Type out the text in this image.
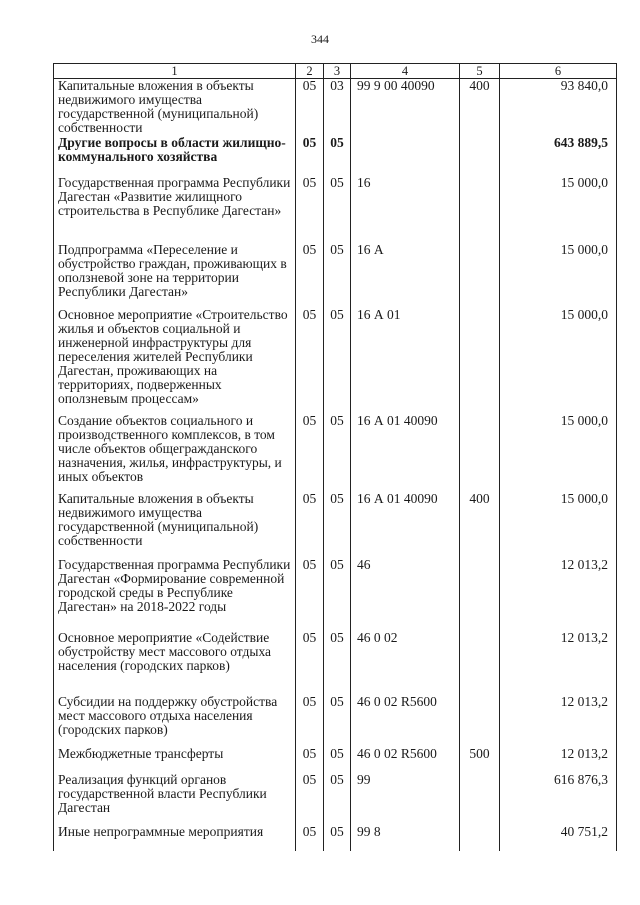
344
1	2	3	4	5	6
Капитальные вложения в объекты недвижимого имущества государственной (муниципальной) собственности	05	03	99 9 00 40090	400	93 840,0
Другие вопросы в области жилищно-коммунального хозяйства	05	05			643 889,5
Государственная программа Республики Дагестан «Развитие жилищного строительства в Республике Дагестан»	05	05	16		15 000,0
Подпрограмма «Переселение и обустройство граждан, проживающих в оползневой зоне на территории Республики Дагестан»	05	05	16 А		15 000,0
Основное мероприятие «Строительство жилья и объектов социальной и инженерной инфраструктуры для переселения жителей Республики Дагестан, проживающих на территориях, подверженных оползневым процессам»	05	05	16 А 01		15 000,0
Создание объектов социального и производственного комплексов, в том числе объектов общегражданского назначения, жилья, инфраструктуры, и иных объектов	05	05	16 А 01 40090		15 000,0
Капитальные вложения в объекты недвижимого имущества государственной (муниципальной) собственности	05	05	16 А 01 40090	400	15 000,0
Государственная программа Республики Дагестан «Формирование современной городской среды в Республике Дагестан» на 2018-2022 годы	05	05	46		12 013,2
Основное мероприятие «Содействие обустройству мест массового отдыха населения (городских парков)	05	05	46 0 02		12 013,2
Субсидии на поддержку обустройства мест массового отдыха населения (городских парков)	05	05	46 0 02 R5600		12 013,2
Межбюджетные трансферты	05	05	46 0 02 R5600	500	12 013,2
Реализация функций органов государственной власти Республики Дагестан	05	05	99		616 876,3
Иные непрограммные мероприятия	05	05	99 8		40 751,2
